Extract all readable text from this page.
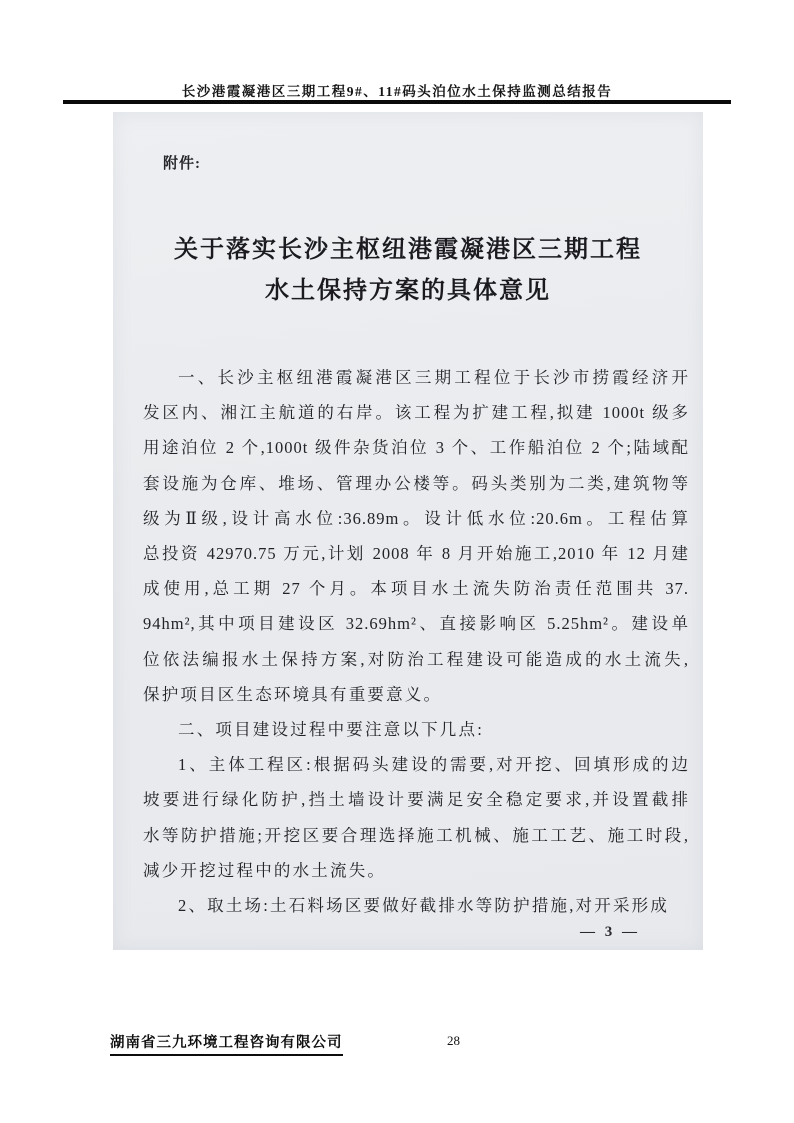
长沙港霞凝港区三期工程9#、11#码头泊位水土保持监测总结报告
附件:
关于落实长沙主枢纽港霞凝港区三期工程
水土保持方案的具体意见
一、长沙主枢纽港霞凝港区三期工程位于长沙市捞霞经济开
发区内、湘江主航道的右岸。该工程为扩建工程,拟建 1000t 级多
用途泊位 2 个,1000t 级件杂货泊位 3 个、工作船泊位 2 个;陆域配
套设施为仓库、堆场、管理办公楼等。码头类别为二类,建筑物等
级为Ⅱ级,设计高水位:36.89m。设计低水位:20.6m。工程估算
总投资 42970.75 万元,计划 2008 年 8 月开始施工,2010 年 12 月建
成使用,总工期 27 个月。本项目水土流失防治责任范围共 37.
94hm²,其中项目建设区 32.69hm²、直接影响区 5.25hm²。建设单
位依法编报水土保持方案,对防治工程建设可能造成的水土流失,
保护项目区生态环境具有重要意义。
二、项目建设过程中要注意以下几点:
1、主体工程区:根据码头建设的需要,对开挖、回填形成的边
坡要进行绿化防护,挡土墙设计要满足安全稳定要求,并设置截排
水等防护措施;开挖区要合理选择施工机械、施工工艺、施工时段,
减少开挖过程中的水土流失。
2、取土场:土石料场区要做好截排水等防护措施,对开采形成
— 3 —
湖南省三九环境工程咨询有限公司	28
